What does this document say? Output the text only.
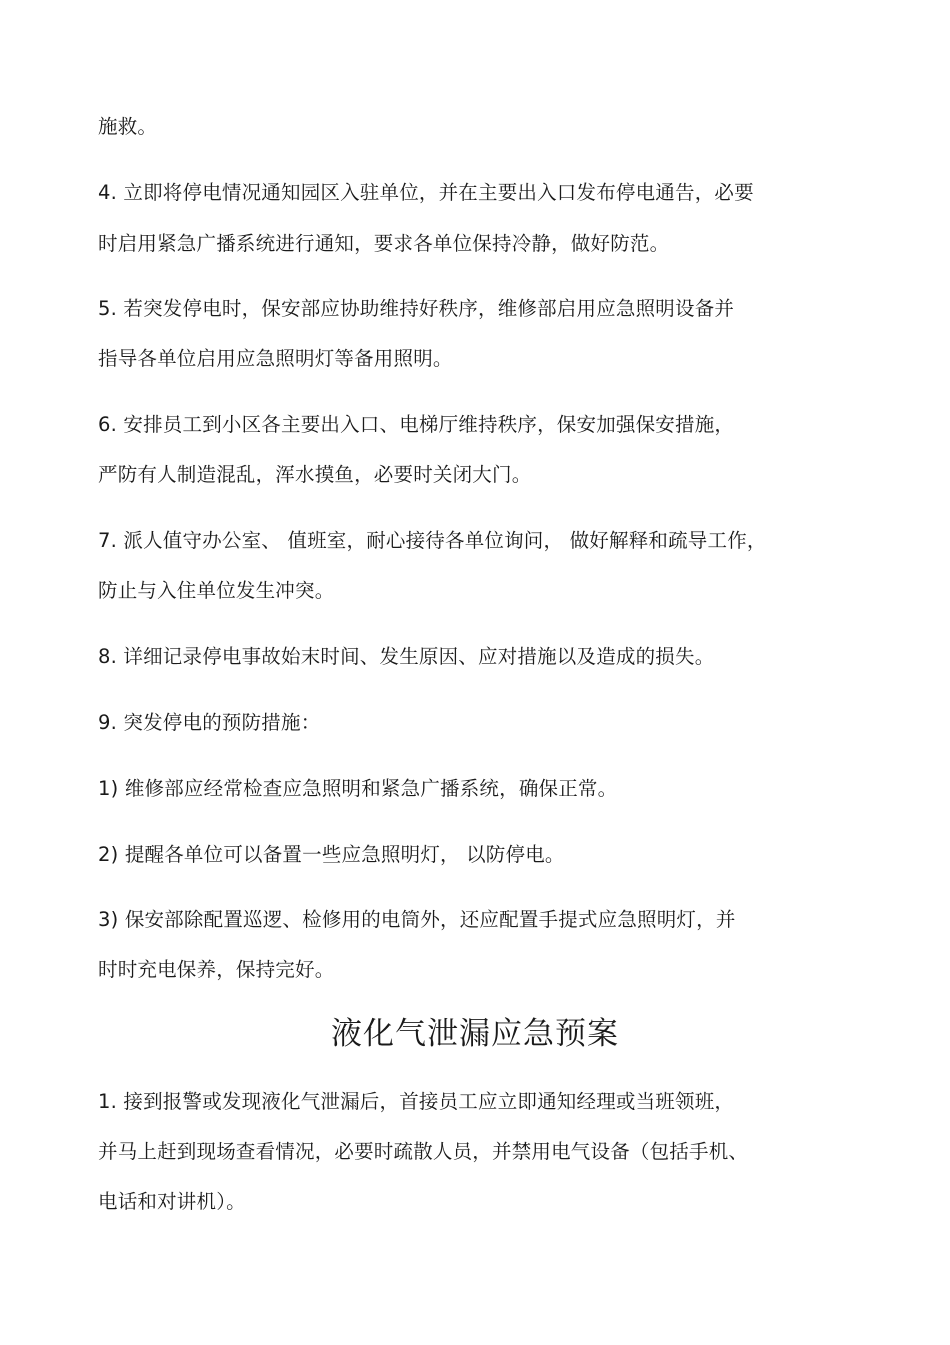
施救。
4. 立即将停电情况通知园区入驻单位，并在主要出入口发布停电通告，必要
时启用紧急广播系统进行通知，要求各单位保持冷静，做好防范。
5. 若突发停电时，保安部应协助维持好秩序，维修部启用应急照明设备并
指导各单位启用应急照明灯等备用照明。
6. 安排员工到小区各主要出入口、电梯厅维持秩序，保安加强保安措施，
严防有人制造混乱，浑水摸鱼，必要时关闭大门。
7. 派人值守办公室、 值班室，耐心接待各单位询问， 做好解释和疏导工作，
防止与入住单位发生冲突。
8. 详细记录停电事故始末时间、发生原因、应对措施以及造成的损失。
9. 突发停电的预防措施：
1) 维修部应经常检查应急照明和紧急广播系统，确保正常。
2) 提醒各单位可以备置一些应急照明灯， 以防停电。
3) 保安部除配置巡逻、检修用的电筒外，还应配置手提式应急照明灯，并
时时充电保养，保持完好。
液化气泄漏应急预案
1. 接到报警或发现液化气泄漏后，首接员工应立即通知经理或当班领班，
并马上赶到现场查看情况，必要时疏散人员，并禁用电气设备（包括手机、
电话和对讲机）。
